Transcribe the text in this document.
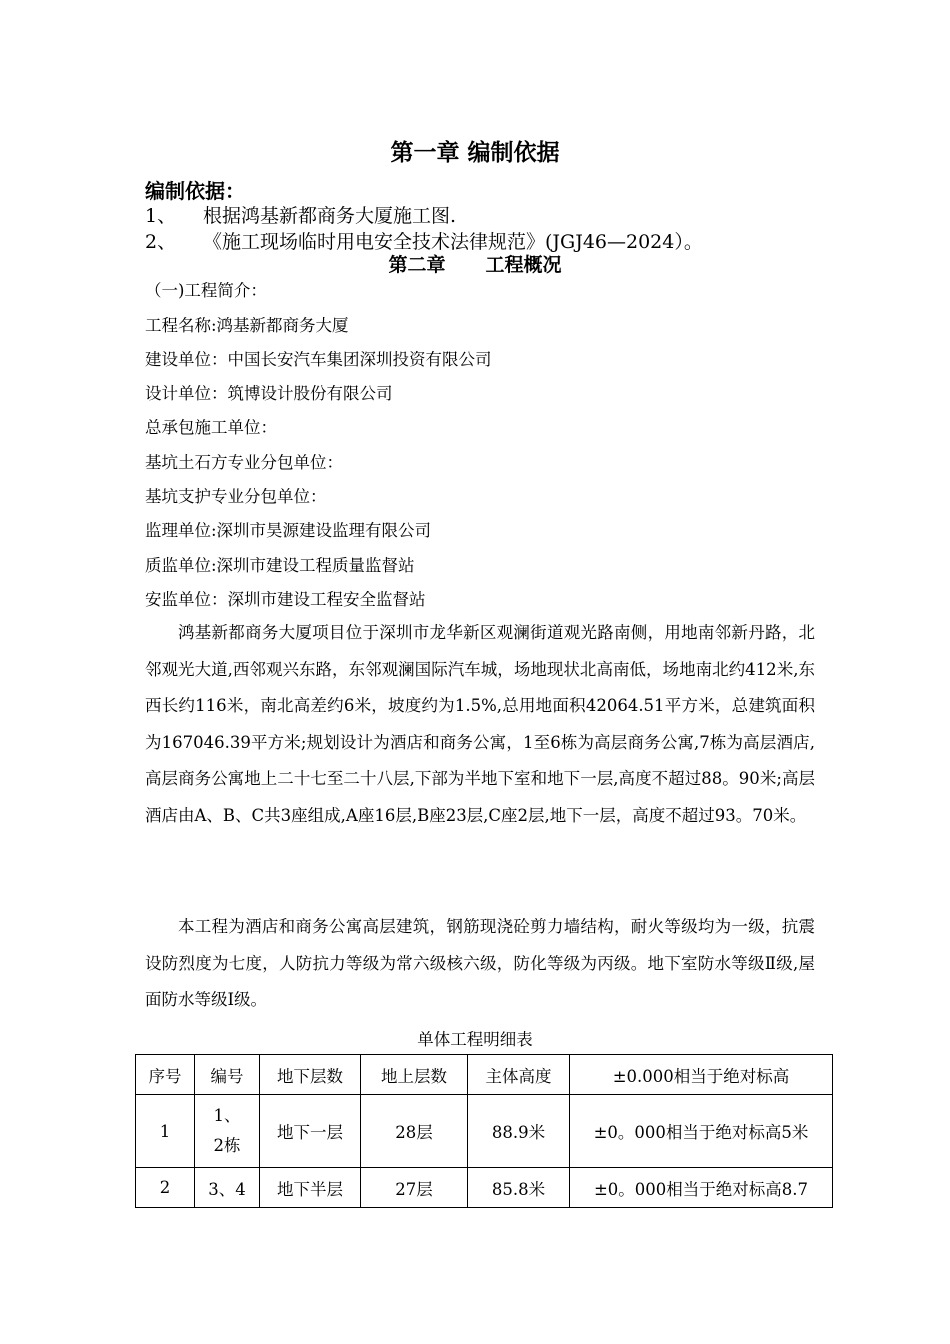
第一章 编制依据
编制依据：
1、 根据鸿基新都商务大厦施工图.
2、 《施工现场临时用电安全技术法律规范》(JGJ46—2024）。
第二章 工程概况
（一)工程简介：
工程名称:鸿基新都商务大厦
建设单位：中国长安汽车集团深圳投资有限公司
设计单位：筑博设计股份有限公司
总承包施工单位：
基坑土石方专业分包单位：
基坑支护专业分包单位：
监理单位:深圳市昊源建设监理有限公司
质监单位:深圳市建设工程质量监督站
安监单位：深圳市建设工程安全监督站

鸿基新都商务大厦项目位于深圳市龙华新区观澜街道观光路南侧，用地南邻新丹路，北邻观光大道,西邻观兴东路，东邻观澜国际汽车城，场地现状北高南低，场地南北约412米,东西长约116米，南北高差约6米，坡度约为1.5%,总用地面积42064.51平方米，总建筑面积为167046.39平方米;规划设计为酒店和商务公寓，1至6栋为高层商务公寓,7栋为高层酒店,高层商务公寓地上二十七至二十八层,下部为半地下室和地下一层,高度不超过88。90米;高层酒店由A、B、C共3座组成,A座16层,B座23层,C座2层,地下一层，高度不超过93。70米。

本工程为酒店和商务公寓高层建筑，钢筋现浇砼剪力墙结构，耐火等级均为一级，抗震设防烈度为七度，人防抗力等级为常六级核六级，防化等级为丙级。地下室防水等级Ⅱ级,屋面防水等级Ⅰ级。

单体工程明细表
序号	编号	地下层数	地上层数	主体高度	±0.000相当于绝对标高
1	1、2栋	地下一层	28层	88.9米	±0。000相当于绝对标高5米
2	3、4	地下半层	27层	85.8米	±0。000相当于绝对标高8.7
